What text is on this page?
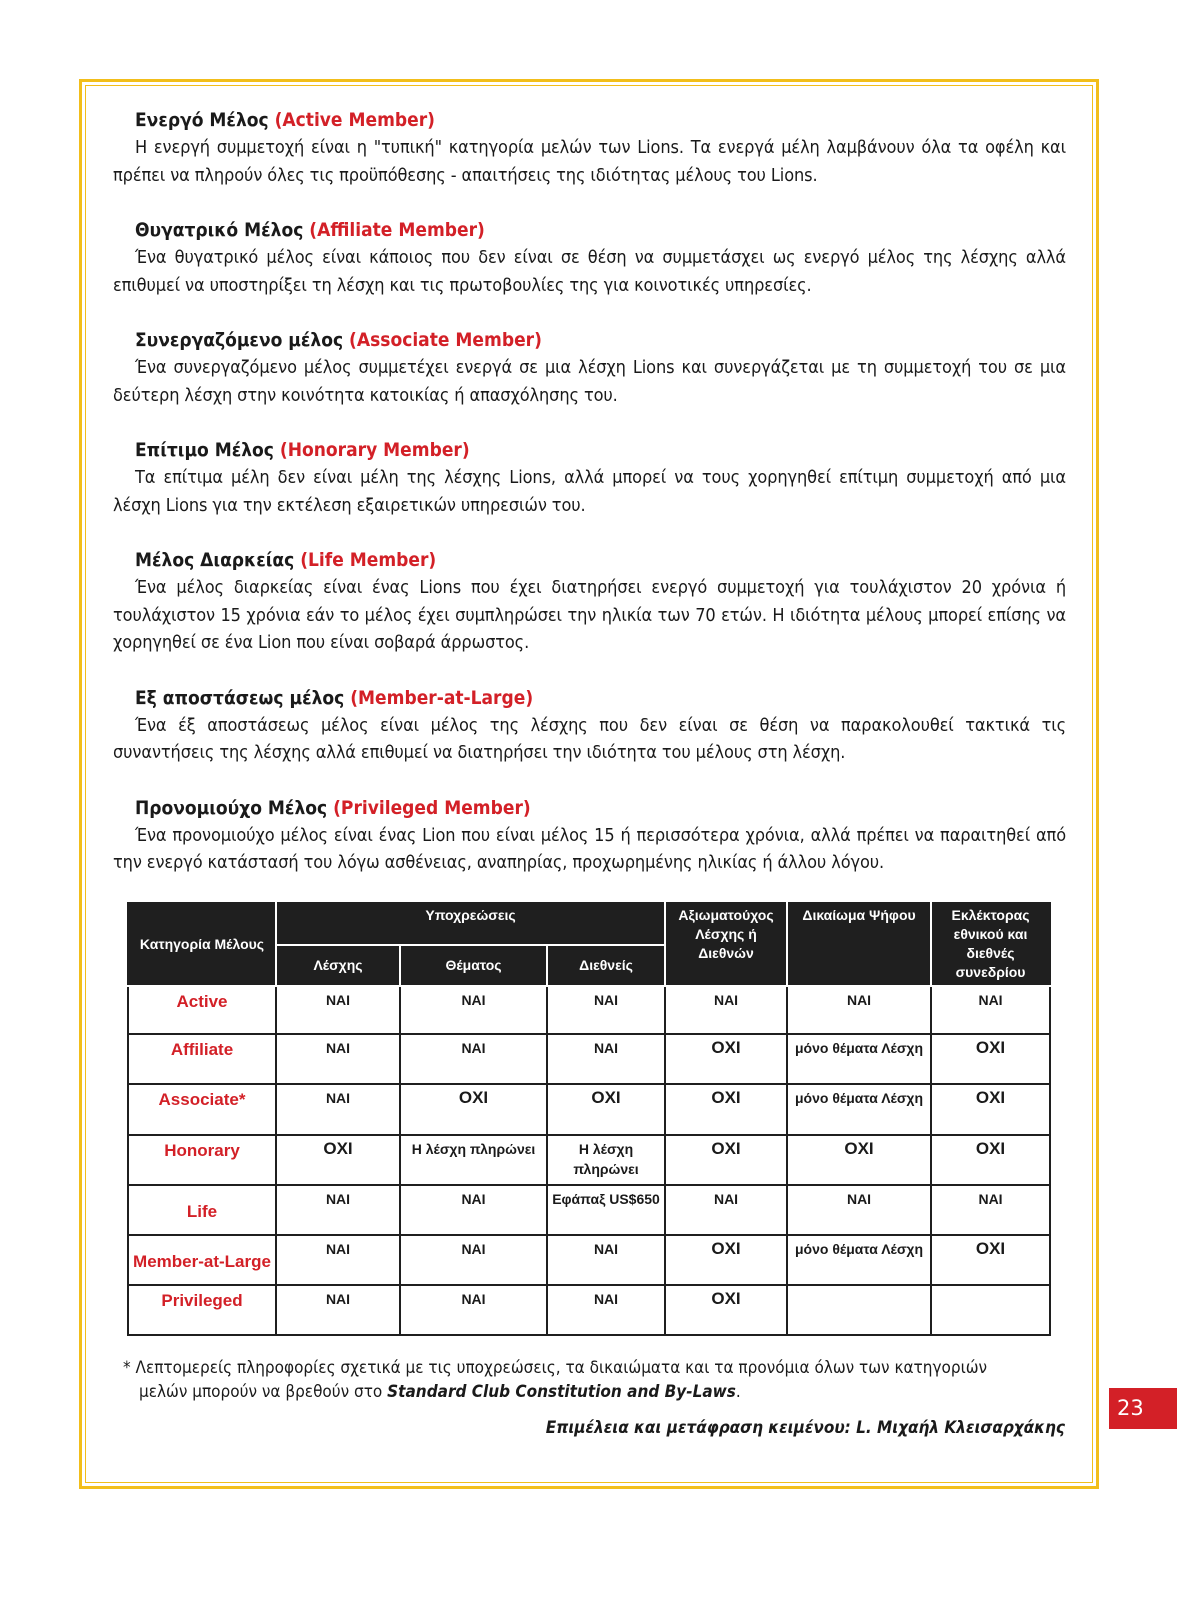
Ενεργό Μέλος (Active Member)
Η ενεργή συμμετοχή είναι η "τυπική" κατηγορία μελών των Lions. Τα ενεργά μέλη λαμβάνουν όλα τα οφέλη και πρέπει να πληρούν όλες τις προϋπόθεσης - απαιτήσεις της ιδιότητας μέλους του Lions.
Θυγατρικό Μέλος (Affiliate Member)
Ένα θυγατρικό μέλος είναι κάποιος που δεν είναι σε θέση να συμμετάσχει ως ενεργό μέλος της λέσχης αλλά επιθυμεί να υποστηρίξει τη λέσχη και τις πρωτοβουλίες της για κοινοτικές υπηρεσίες.
Συνεργαζόμενο μέλος (Associate Member)
Ένα συνεργαζόμενο μέλος συμμετέχει ενεργά σε μια λέσχη Lions και συνεργάζεται με τη συμμετοχή του σε μια δεύτερη λέσχη στην κοινότητα κατοικίας ή απασχόλησης του.
Επίτιμο Μέλος (Honorary Member)
Τα επίτιμα μέλη δεν είναι μέλη της λέσχης Lions, αλλά μπορεί να τους χορηγηθεί επίτιμη συμμετοχή από μια λέσχη Lions για την εκτέλεση εξαιρετικών υπηρεσιών του.
Μέλος Διαρκείας (Life Member)
Ένα μέλος διαρκείας είναι ένας Lions που έχει διατηρήσει ενεργό συμμετοχή για τουλάχιστον 20 χρόνια ή τουλάχιστον 15 χρόνια εάν το μέλος έχει συμπληρώσει την ηλικία των 70 ετών. Η ιδιότητα μέλους μπορεί επίσης να χορηγηθεί σε ένα Lion που είναι σοβαρά άρρωστος.
Εξ αποστάσεως μέλος (Member-at-Large)
Ένα έξ αποστάσεως μέλος είναι μέλος της λέσχης που δεν είναι σε θέση να παρακολουθεί τακτικά τις συναντήσεις της λέσχης αλλά επιθυμεί να διατηρήσει την ιδιότητα του μέλους στη λέσχη.
Προνομιούχο Μέλος (Privileged Member)
Ένα προνομιούχο μέλος είναι ένας Lion που είναι μέλος 15 ή περισσότερα χρόνια, αλλά πρέπει να παραιτηθεί από την ενεργό κατάστασή του λόγω ασθένειας, αναπηρίας, προχωρημένης ηλικίας ή άλλου λόγου.
Κατηγορία Μέλους	Υποχρεώσεις			Αξιωματούχος Λέσχης ή Διεθνών	Δικαίωμα Ψήφου	Εκλέκτορας εθνικού και διεθνές συνεδρίου
	Λέσχης	Θέματος	Διεθνείς			
Active	ΝΑΙ	ΝΑΙ	ΝΑΙ	ΝΑΙ	ΝΑΙ	ΝΑΙ
Affiliate	ΝΑΙ	ΝΑΙ	ΝΑΙ	ΟΧΙ	μόνο θέματα Λέσχη	ΟΧΙ
Associate*	ΝΑΙ	ΟΧΙ	ΟΧΙ	ΟΧΙ	μόνο θέματα Λέσχη	ΟΧΙ
Honorary	ΟΧΙ	Η λέσχη πληρώνει	Η λέσχη πληρώνει	ΟΧΙ	ΟΧΙ	ΟΧΙ
Life	ΝΑΙ	ΝΑΙ	Εφάπαξ US$650	ΝΑΙ	ΝΑΙ	ΝΑΙ
Member-at-Large	ΝΑΙ	ΝΑΙ	ΝΑΙ	ΟΧΙ	μόνο θέματα Λέσχη	ΟΧΙ
Privileged	ΝΑΙ	ΝΑΙ	ΝΑΙ	ΟΧΙ		
* Λεπτομερείς πληροφορίες σχετικά με τις υποχρεώσεις, τα δικαιώματα και τα προνόμια όλων των κατηγοριών
μελών μπορούν να βρεθούν στο Standard Club Constitution and By-Laws.
Επιμέλεια και μετάφραση κειμένου: L. Μιχαήλ Κλεισαρχάκης
23
